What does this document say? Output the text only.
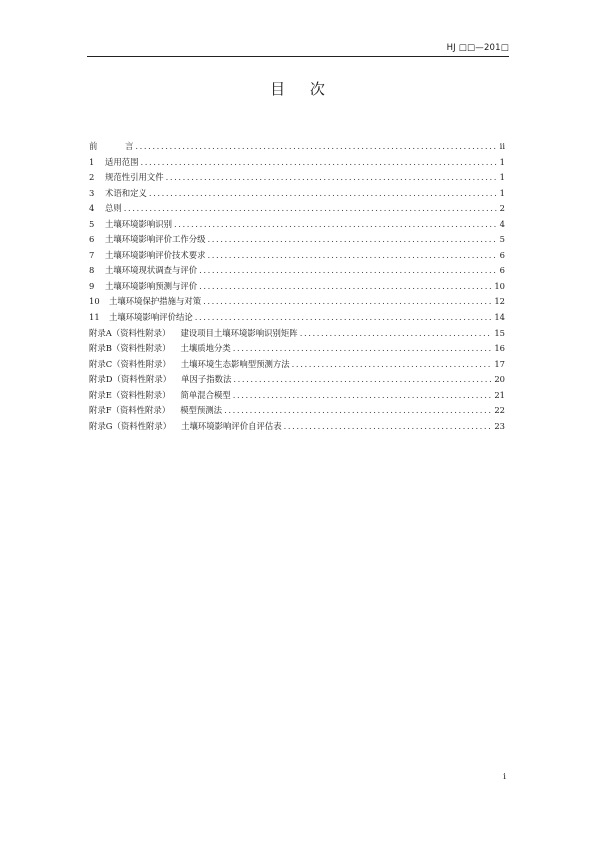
HJ □□—201□
目 次
前	言 .....	ii
1	适用范围 .....	1
2	规范性引用文件 .....	1
3	术语和定义 .....	1
4	总则 .....	2
5	土壤环境影响识别 .....	4
6	土壤环境影响评价工作分级 .....	5
7	土壤环境影响评价技术要求 .....	6
8	土壤环境现状调查与评价 .....	6
9	土壤环境影响预测与评价 .....	10
10	土壤环境保护措施与对策 .....	12
11	土壤环境影响评价结论 .....	14
附录A（资料性附录） 建设项目土壤环境影响识别矩阵 .....	15
附录B（资料性附录） 土壤质地分类 .....	16
附录C（资料性附录） 土壤环境生态影响型预测方法 .....	17
附录D（资料性附录） 单因子指数法 .....	20
附录E（资料性附录） 简单混合模型 .....	21
附录F（资料性附录） 模型预测法 .....	22
附录G（资料性附录） 土壤环境影响评价自评估表 .....	23
i
